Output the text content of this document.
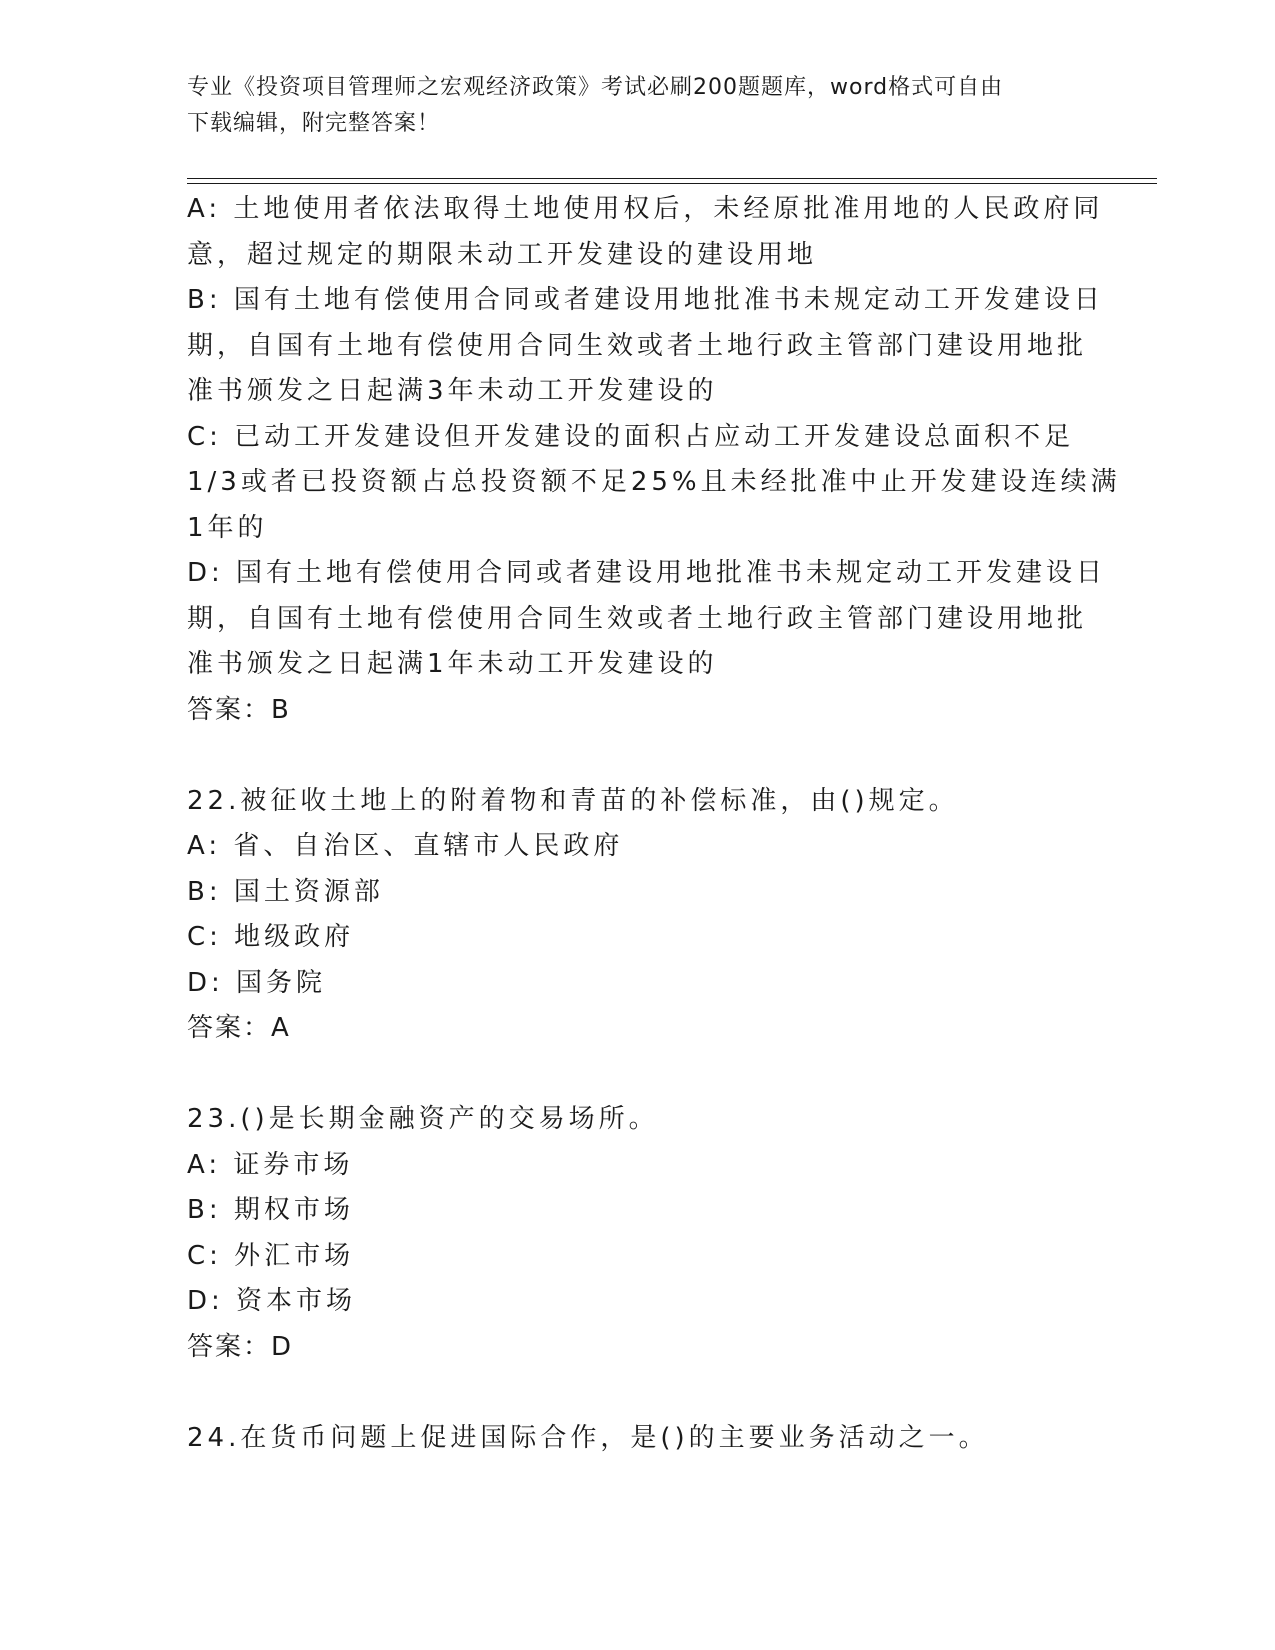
专业《投资项目管理师之宏观经济政策》考试必刷200题题库，word格式可自由
下载编辑，附完整答案！
A: 土地使用者依法取得土地使用权后，未经原批准用地的人民政府同
意，超过规定的期限未动工开发建设的建设用地
B: 国有土地有偿使用合同或者建设用地批准书未规定动工开发建设日
期，自国有土地有偿使用合同生效或者土地行政主管部门建设用地批
准书颁发之日起满3年未动工开发建设的
C: 已动工开发建设但开发建设的面积占应动工开发建设总面积不足
1/3或者已投资额占总投资额不足25%且未经批准中止开发建设连续满
1年的
D: 国有土地有偿使用合同或者建设用地批准书未规定动工开发建设日
期，自国有土地有偿使用合同生效或者土地行政主管部门建设用地批
准书颁发之日起满1年未动工开发建设的
答案：B
22.被征收土地上的附着物和青苗的补偿标准，由()规定。
A: 省、自治区、直辖市人民政府
B: 国土资源部
C: 地级政府
D: 国务院
答案：A
23.()是长期金融资产的交易场所。
A: 证券市场
B: 期权市场
C: 外汇市场
D: 资本市场
答案：D
24.在货币问题上促进国际合作，是()的主要业务活动之一。
